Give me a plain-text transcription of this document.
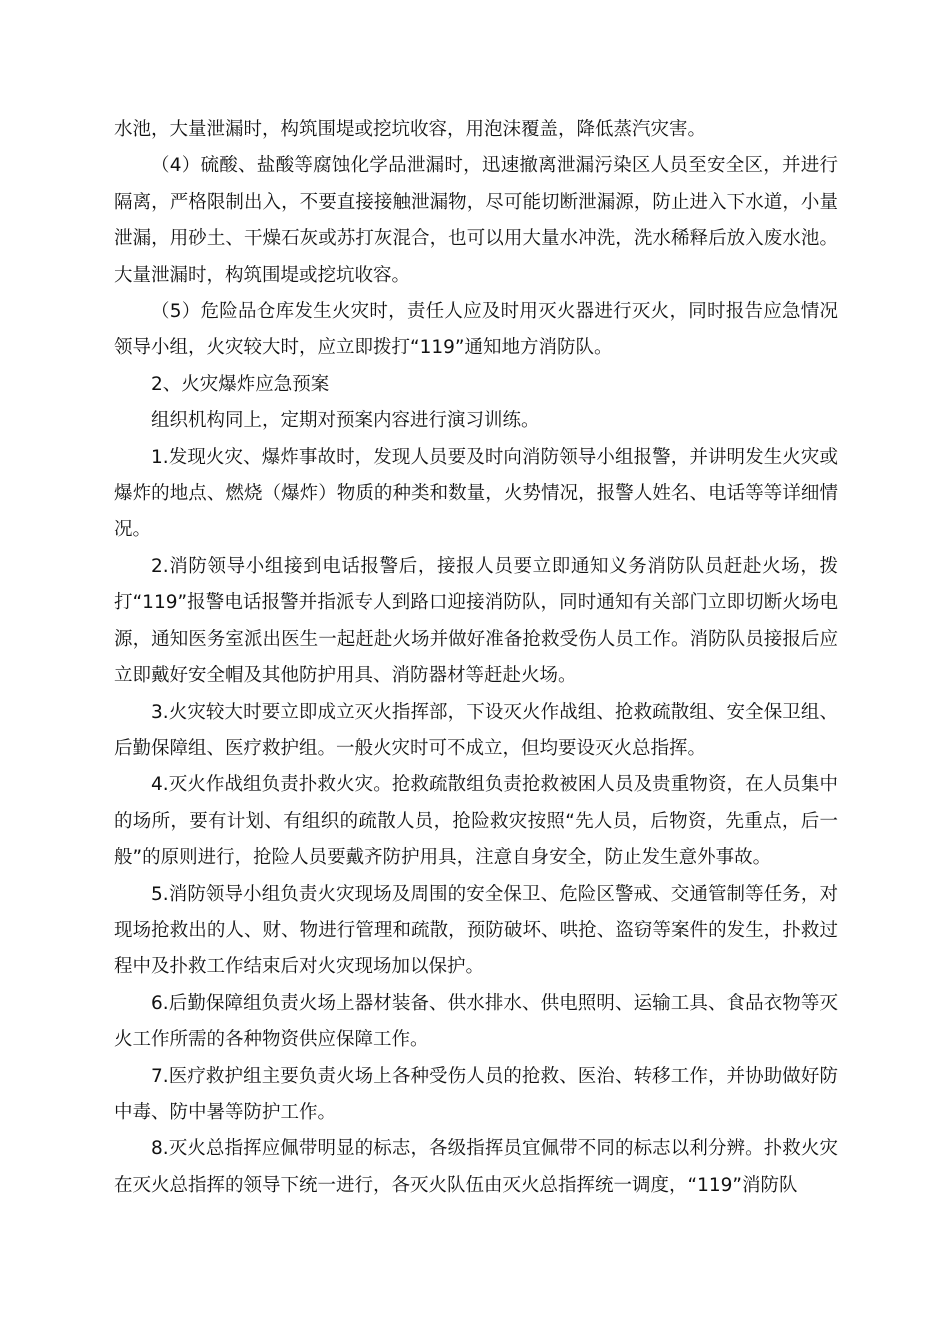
水池，大量泄漏时，构筑围堤或挖坑收容，用泡沫覆盖，降低蒸汽灾害。

（4）硫酸、盐酸等腐蚀化学品泄漏时，迅速撤离泄漏污染区人员至安全区，并进行隔离，严格限制出入，不要直接接触泄漏物，尽可能切断泄漏源，防止进入下水道，小量泄漏，用砂土、干燥石灰或苏打灰混合，也可以用大量水冲洗，洗水稀释后放入废水池。大量泄漏时，构筑围堤或挖坑收容。

（5）危险品仓库发生火灾时，责任人应及时用灭火器进行灭火，同时报告应急情况领导小组，火灾较大时，应立即拨打“119”通知地方消防队。

2、火灾爆炸应急预案

组织机构同上，定期对预案内容进行演习训练。

1.发现火灾、爆炸事故时，发现人员要及时向消防领导小组报警，并讲明发生火灾或爆炸的地点、燃烧（爆炸）物质的种类和数量，火势情况，报警人姓名、电话等等详细情况。

2.消防领导小组接到电话报警后，接报人员要立即通知义务消防队员赶赴火场，拨打“119”报警电话报警并指派专人到路口迎接消防队，同时通知有关部门立即切断火场电源，通知医务室派出医生一起赶赴火场并做好准备抢救受伤人员工作。消防队员接报后应立即戴好安全帽及其他防护用具、消防器材等赶赴火场。

3.火灾较大时要立即成立灭火指挥部，下设灭火作战组、抢救疏散组、安全保卫组、后勤保障组、医疗救护组。一般火灾时可不成立，但均要设灭火总指挥。

4.灭火作战组负责扑救火灾。抢救疏散组负责抢救被困人员及贵重物资，在人员集中的场所，要有计划、有组织的疏散人员，抢险救灾按照“先人员，后物资，先重点，后一般”的原则进行，抢险人员要戴齐防护用具，注意自身安全，防止发生意外事故。

5.消防领导小组负责火灾现场及周围的安全保卫、危险区警戒、交通管制等任务，对现场抢救出的人、财、物进行管理和疏散，预防破坏、哄抢、盗窃等案件的发生，扑救过程中及扑救工作结束后对火灾现场加以保护。

6.后勤保障组负责火场上器材装备、供水排水、供电照明、运输工具、食品衣物等灭火工作所需的各种物资供应保障工作。

7.医疗救护组主要负责火场上各种受伤人员的抢救、医治、转移工作，并协助做好防中毒、防中暑等防护工作。

8.灭火总指挥应佩带明显的标志，各级指挥员宜佩带不同的标志以利分辨。扑救火灾在灭火总指挥的领导下统一进行，各灭火队伍由灭火总指挥统一调度，“119”消防队
